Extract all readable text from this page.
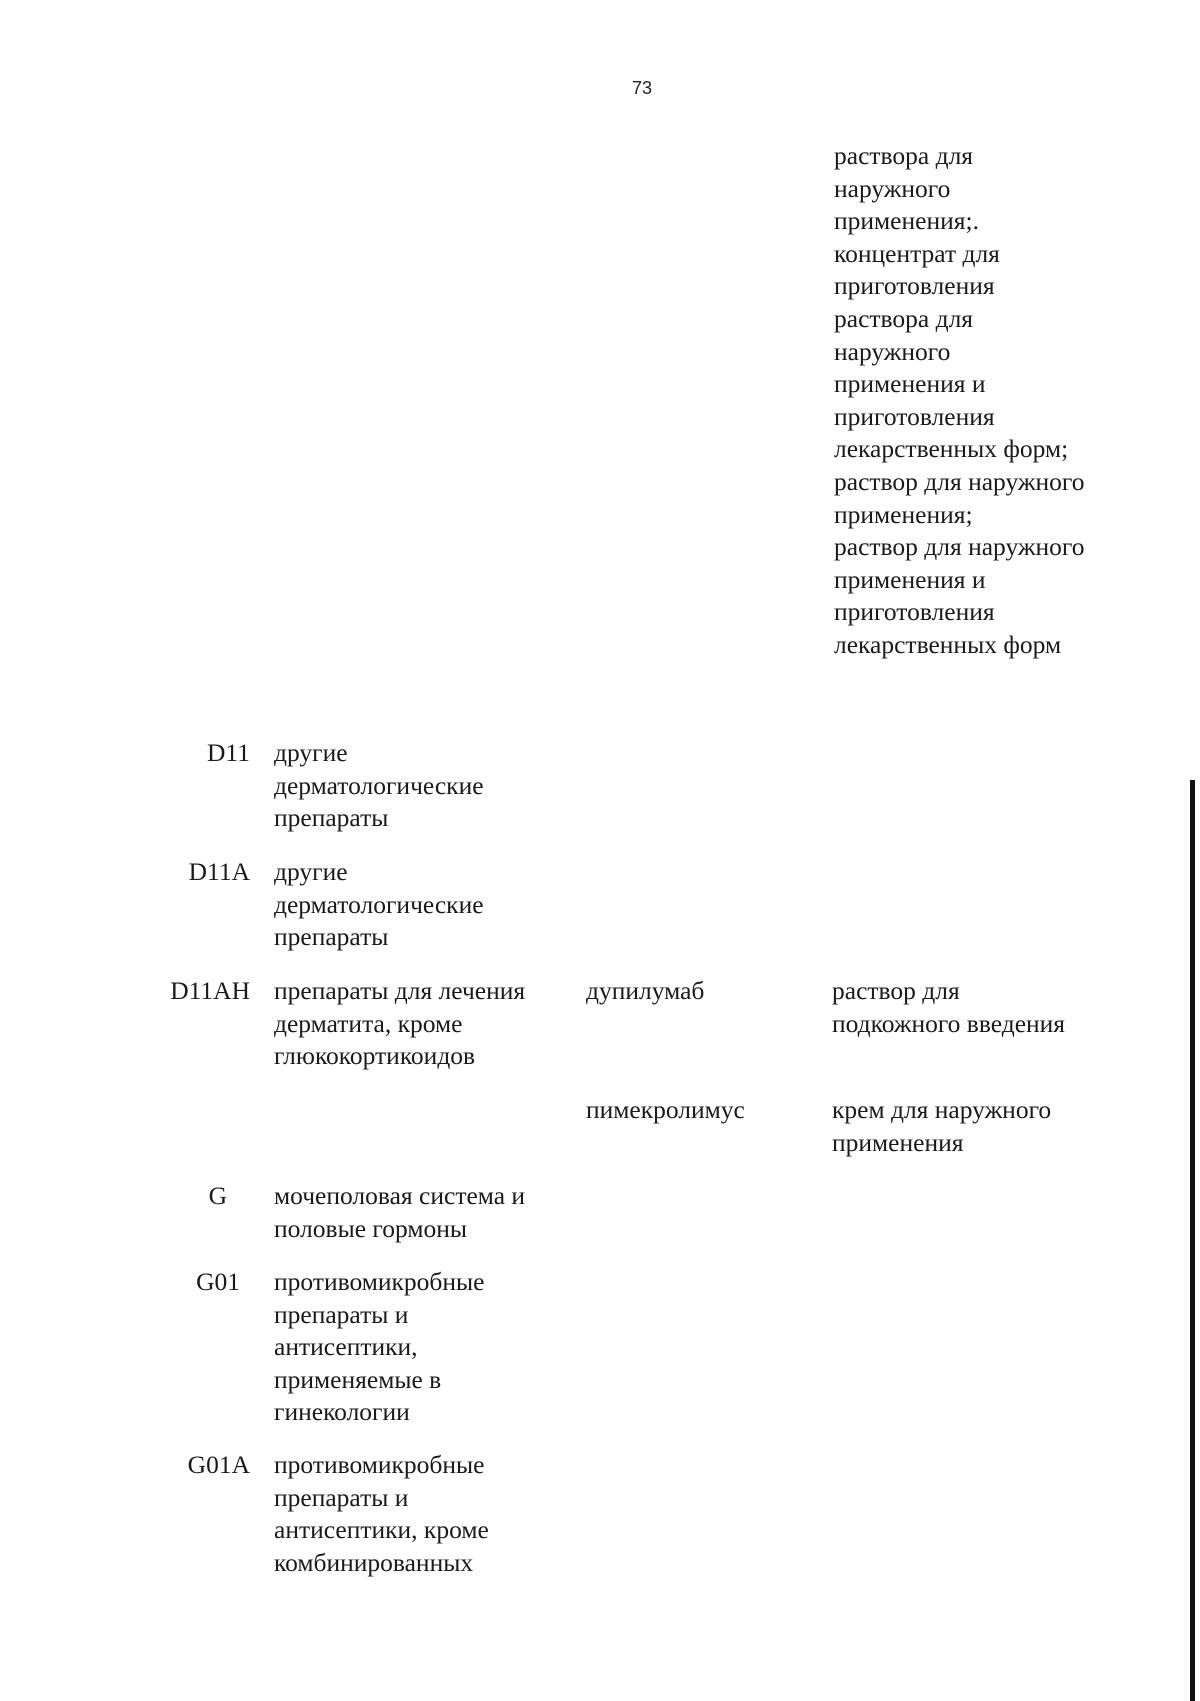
73
раствора для
наружного
применения;.
концентрат для
приготовления
раствора для
наружного
применения и
приготовления
лекарственных форм;
раствор для наружного
применения;
раствор для наружного
применения и
приготовления
лекарственных форм
D11 другие
дерматологические
препараты
D11A другие
дерматологические
препараты
D11AH препараты для лечения
дерматита, кроме
глюкокортикоидов
дупилумаб	раствор для
подкожного введения
пимекролимус	крем для наружного
применения
G мочеполовая система и
половые гормоны
G01 противомикробные
препараты и
антисептики,
применяемые в
гинекологии
G01A противомикробные
препараты и
антисептики, кроме
комбинированных
